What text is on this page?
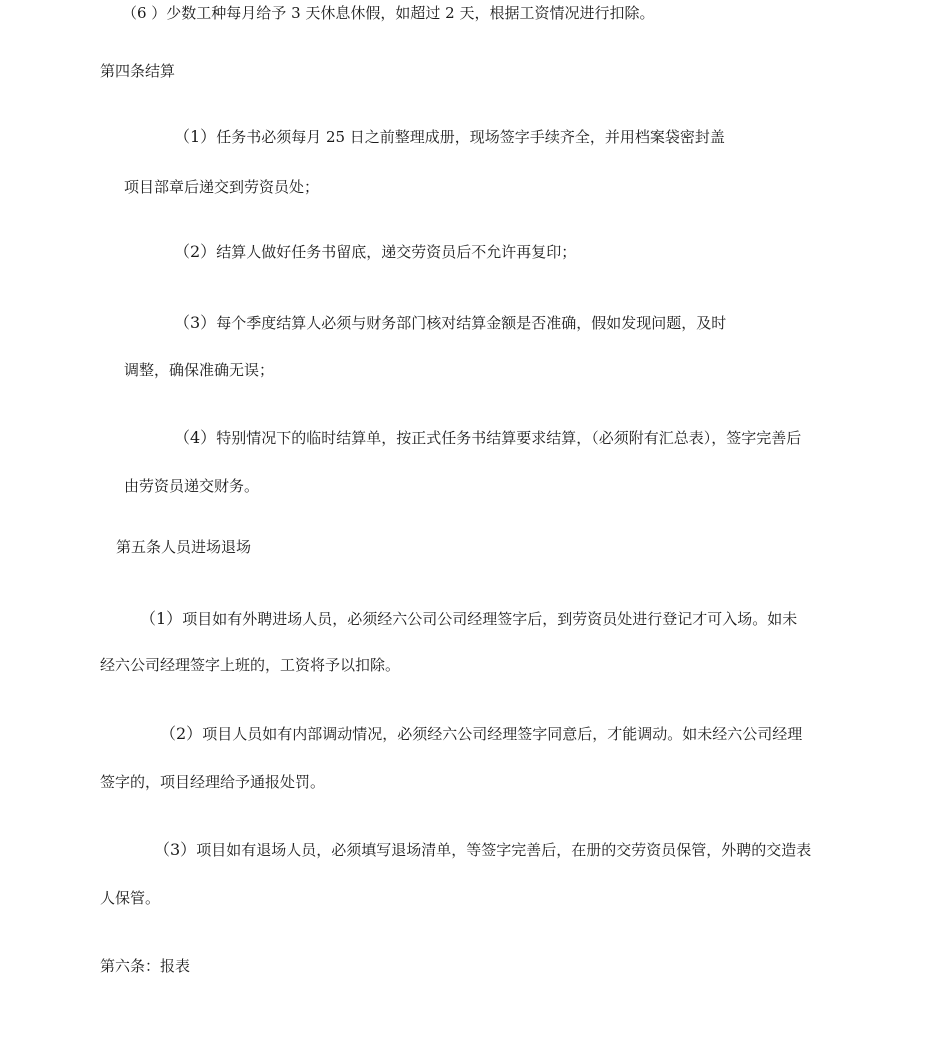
（6 ）少数工种每月给予 3 天休息休假，如超过 2 天，根据工资情况进行扣除。
第四条结算
（1）任务书必须每月 25 日之前整理成册，现场签字手续齐全，并用档案袋密封盖
项目部章后递交到劳资员处；
（2）结算人做好任务书留底，递交劳资员后不允许再复印；
（3）每个季度结算人必须与财务部门核对结算金额是否准确，假如发现问题，及时
调整，确保准确无误；
（4）特别情况下的临时结算单，按正式任务书结算要求结算，（必须附有汇总表），签字完善后
由劳资员递交财务。
第五条人员进场退场
（1）项目如有外聘进场人员，必须经六公司公司经理签字后，到劳资员处进行登记才可入场。如未
经六公司经理签字上班的，工资将予以扣除。
（2）项目人员如有内部调动情况，必须经六公司经理签字同意后，才能调动。如未经六公司经理
签字的，项目经理给予通报处罚。
（3）项目如有退场人员，必须填写退场清单，等签字完善后，在册的交劳资员保管，外聘的交造表
人保管。
第六条：报表
